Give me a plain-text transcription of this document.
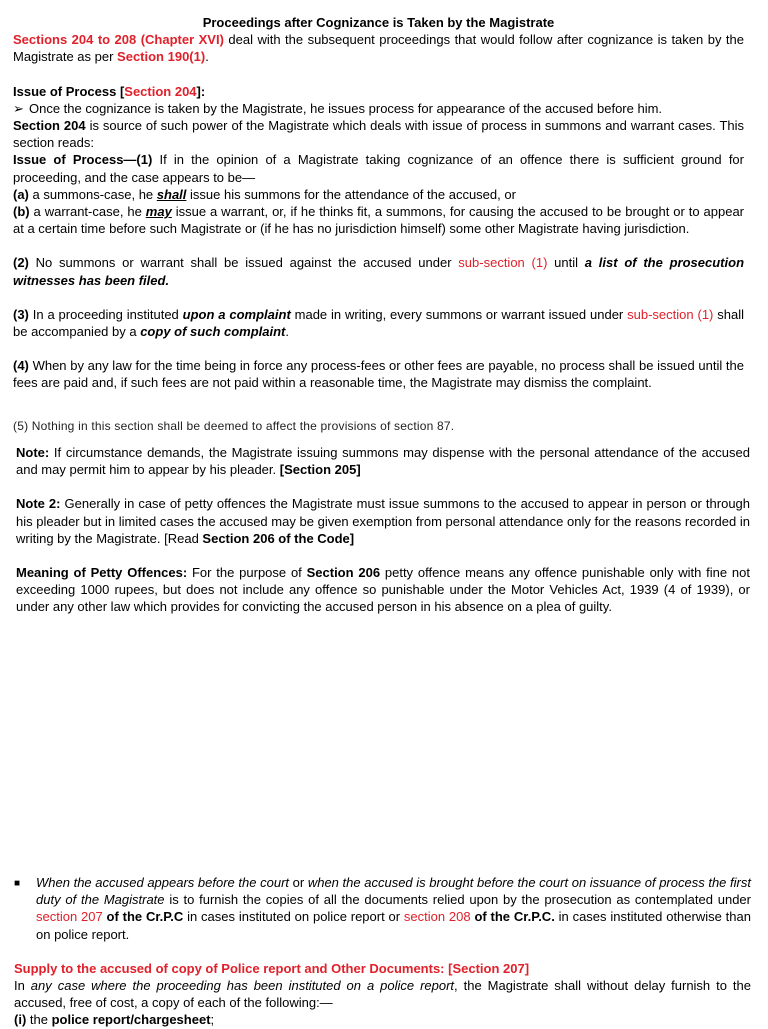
Proceedings after Cognizance is Taken by the Magistrate

Sections 204 to 208 (Chapter XVI) deal with the subsequent proceedings that would follow after cognizance is taken by the Magistrate as per Section 190(1).

Issue of Process [Section 204]:

➢ Once the cognizance is taken by the Magistrate, he issues process for appearance of the accused before him.

Section 204 is source of such power of the Magistrate which deals with issue of process in summons and warrant cases. This section reads:

Issue of Process—(1) If in the opinion of a Magistrate taking cognizance of an offence there is sufficient ground for proceeding, and the case appears to be—

(a) a summons-case, he shall issue his summons for the attendance of the accused, or

(b) a warrant-case, he may issue a warrant, or, if he thinks fit, a summons, for causing the accused to be brought or to appear at a certain time before such Magistrate or (if he has no jurisdiction himself) some other Magistrate having jurisdiction.

(2) No summons or warrant shall be issued against the accused under sub-section (1) until a list of the prosecution witnesses has been filed.

(3) In a proceeding instituted upon a complaint made in writing, every summons or warrant issued under sub-section (1) shall be accompanied by a copy of such complaint.

(4) When by any law for the time being in force any process-fees or other fees are payable, no process shall be issued until the fees are paid and, if such fees are not paid within a reasonable time, the Magistrate may dismiss the complaint.

(5) Nothing in this section shall be deemed to affect the provisions of section 87.

Note: If circumstance demands, the Magistrate issuing summons may dispense with the personal attendance of the accused and may permit him to appear by his pleader. [Section 205]

Note 2: Generally in case of petty offences the Magistrate must issue summons to the accused to appear in person or through his pleader but in limited cases the accused may be given exemption from personal attendance only for the reasons recorded in writing by the Magistrate. [Read Section 206 of the Code]

Meaning of Petty Offences: For the purpose of Section 206 petty offence means any offence punishable only with fine not exceeding 1000 rupees, but does not include any offence so punishable under the Motor Vehicles Act, 1939 (4 of 1939), or under any other law which provides for convicting the accused person in his absence on a plea of guilty.

■	When the accused appears before the court or when the accused is brought before the court on issuance of process the first duty of the Magistrate is to furnish the copies of all the documents relied upon by the prosecution as contemplated under section 207 of the Cr.P.C in cases instituted on police report or section 208 of the Cr.P.C. in cases instituted otherwise than on police report.

Supply to the accused of copy of Police report and Other Documents: [Section 207]

In any case where the proceeding has been instituted on a police report, the Magistrate shall without delay furnish to the accused, free of cost, a copy of each of the following:—

(i) the police report/chargesheet;
